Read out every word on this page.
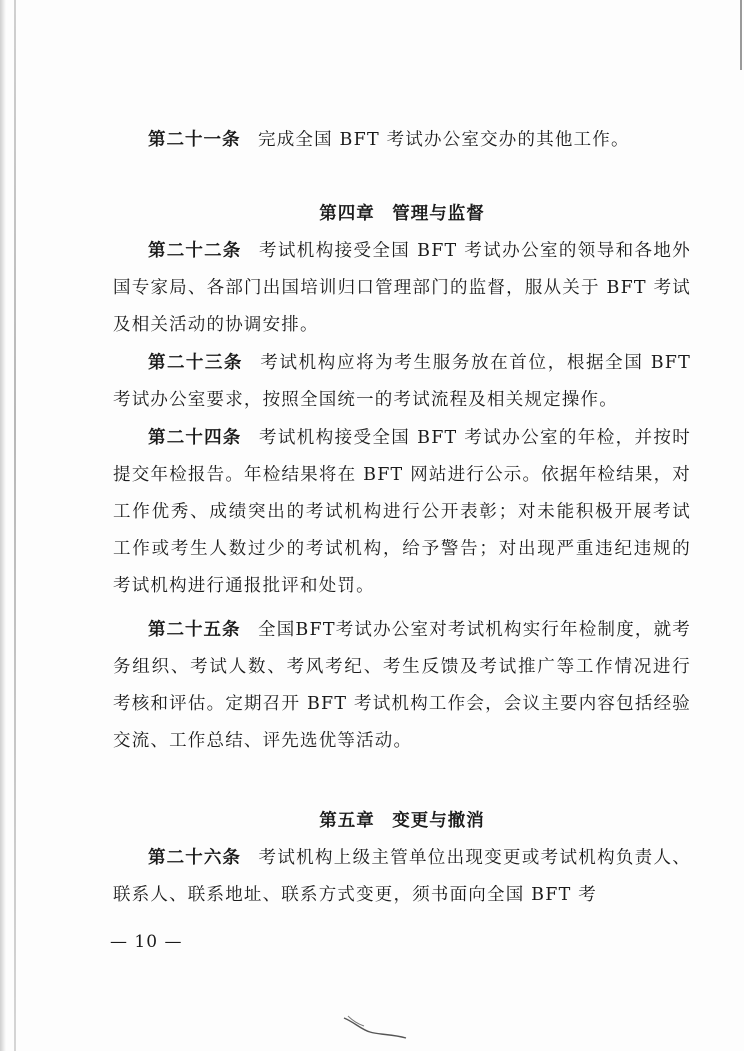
第二十一条 完成全国 BFT 考试办公室交办的其他工作。

第四章 管理与监督

第二十二条 考试机构接受全国 BFT 考试办公室的领导和各地外国专家局、各部门出国培训归口管理部门的监督，服从关于 BFT 考试及相关活动的协调安排。

第二十三条 考试机构应将为考生服务放在首位，根据全国 BFT 考试办公室要求，按照全国统一的考试流程及相关规定操作。

第二十四条 考试机构接受全国 BFT 考试办公室的年检，并按时提交年检报告。年检结果将在 BFT 网站进行公示。依据年检结果，对工作优秀、成绩突出的考试机构进行公开表彰；对未能积极开展考试工作或考生人数过少的考试机构，给予警告；对出现严重违纪违规的考试机构进行通报批评和处罚。

第二十五条 全国BFT考试办公室对考试机构实行年检制度，就考务组织、考试人数、考风考纪、考生反馈及考试推广等工作情况进行考核和评估。定期召开 BFT 考试机构工作会，会议主要内容包括经验交流、工作总结、评先选优等活动。

第五章 变更与撤消

第二十六条 考试机构上级主管单位出现变更或考试机构负责人、联系人、联系地址、联系方式变更，须书面向全国 BFT 考

— 10 —
